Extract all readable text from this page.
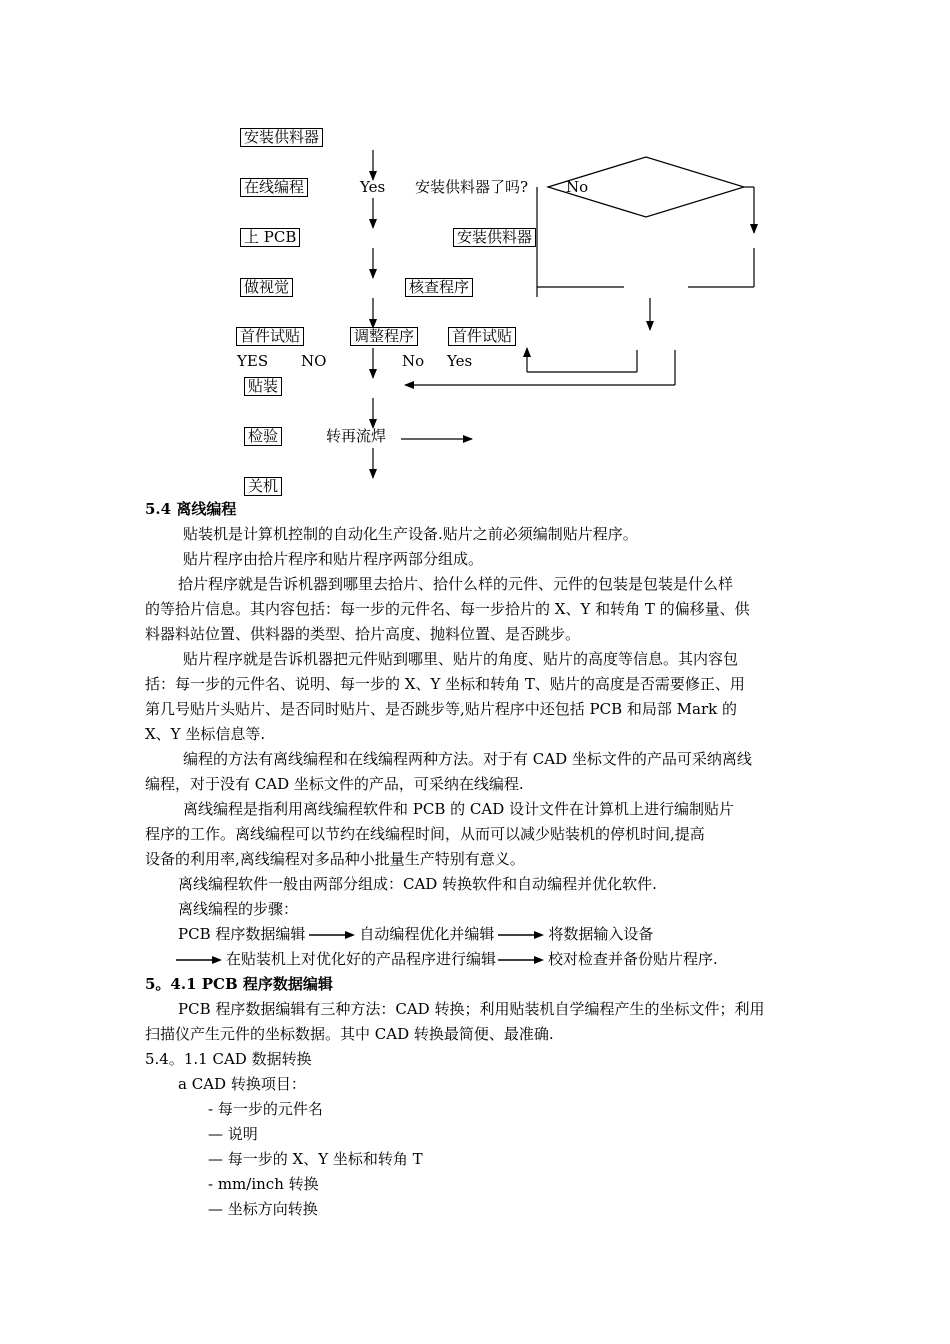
安装供料器
在线编程	Yes 安装供料器了吗?	No
上 PCB	安装供料器
做视觉	核查程序
首件试贴	调整程序	首件试贴
YES NO	No Yes
贴装
检验	转再流焊
关机
5.4 离线编程
贴装机是计算机控制的自动化生产设备.贴片之前必须编制贴片程序。
贴片程序由拾片程序和贴片程序两部分组成。
拾片程序就是告诉机器到哪里去拾片、拾什么样的元件、元件的包装是包装是什么样
的等拾片信息。其内容包括：每一步的元件名、每一步拾片的 X、Y 和转角 T 的偏移量、供
料器料站位置、供料器的类型、拾片高度、抛料位置、是否跳步。
贴片程序就是告诉机器把元件贴到哪里、贴片的角度、贴片的高度等信息。其内容包
括：每一步的元件名、说明、每一步的 X、Y 坐标和转角 T、贴片的高度是否需要修正、用
第几号贴片头贴片、是否同时贴片、是否跳步等,贴片程序中还包括 PCB 和局部 Mark 的
X、Y 坐标信息等.
编程的方法有离线编程和在线编程两种方法。对于有 CAD 坐标文件的产品可采纳离线
编程，对于没有 CAD 坐标文件的产品，可采纳在线编程.
离线编程是指利用离线编程软件和 PCB 的 CAD 设计文件在计算机上进行编制贴片
程序的工作。离线编程可以节约在线编程时间，从而可以减少贴装机的停机时间,提高
设备的利用率,离线编程对多品种小批量生产特别有意义。
离线编程软件一般由两部分组成：CAD 转换软件和自动编程并优化软件.
离线编程的步骤：
PCB 程序数据编辑	自动编程优化并编辑	将数据输入设备
在贴装机上对优化好的产品程序进行编辑	校对检查并备份贴片程序.
5。4.1 PCB 程序数据编辑
PCB 程序数据编辑有三种方法：CAD 转换；利用贴装机自学编程产生的坐标文件；利用
扫描仪产生元件的坐标数据。其中 CAD 转换最简便、最准确.
5.4。1.1 CAD 数据转换
a CAD 转换项目：
- 每一步的元件名
— 说明
— 每一步的 X、Y 坐标和转角 T
- mm/inch 转换
— 坐标方向转换
